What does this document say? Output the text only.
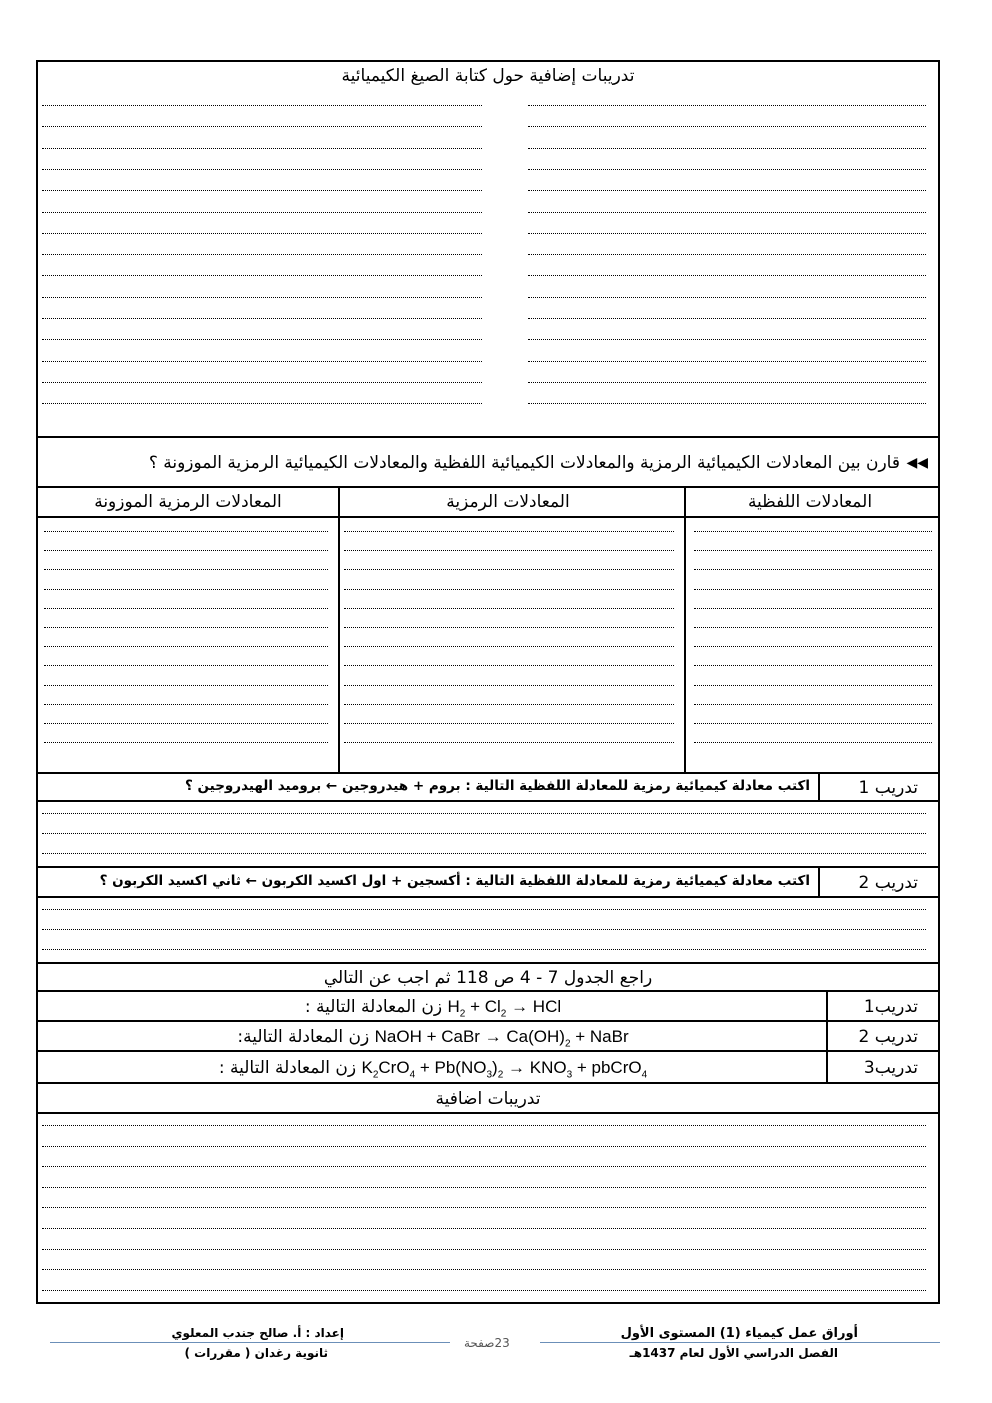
تدريبات إضافية حول كتابة الصيغ الكيميائية
◀◀
قارن بين المعادلات الكيميائية الرمزية والمعادلات الكيميائية اللفظية والمعادلات الكيميائية الرمزية الموزونة ؟
المعادلات اللفظية
المعادلات الرمزية
المعادلات الرمزية الموزونة
تدريب 1
اكتب معادلة كيميائية رمزية للمعادلة اللفظية التالية : بروم + هيدروجين ← بروميد الهيدروجين ؟
تدريب 2
اكتب معادلة كيميائية رمزية للمعادلة اللفظية التالية : أكسجين + اول اكسيد الكربون ← ثاني اكسيد الكربون ؟
راجع الجدول 7 - 4 ص 118 ثم اجب عن التالي
تدريب1
زن المعادلة التالية : $H_2 + Cl_2$ → HCl
تدريب 2
زن المعادلة التالية: NaOH + CaBr → $Ca(OH)_2$ + NaBr
تدريب3
زن المعادلة التالية : $K_2CrO_4 + Pb(NO_3)_2 \to KNO_3$ + pbCrO$_4$
تدريبات اضافية
إعداد : أ. صالح جندب المعلوي
ثانوية رغدان ( مقررات )
23صفحة
أوراق عمل كيمياء (1) المستوى الأول
الفصل الدراسي الأول لعام 1437هـ
